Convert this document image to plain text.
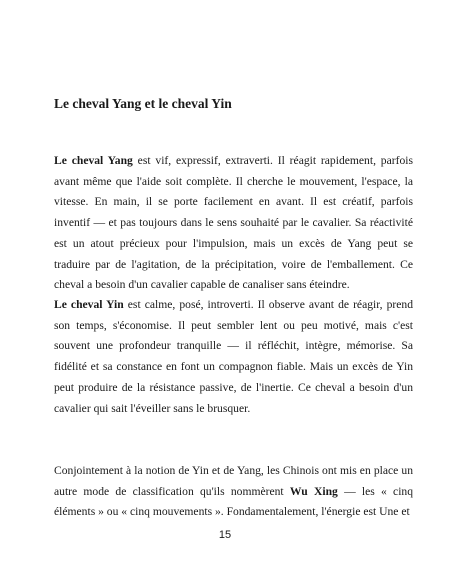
Le cheval Yang et le cheval Yin

Le cheval Yang est vif, expressif, extraverti. Il réagit rapidement, parfois avant même que l'aide soit complète. Il cherche le mouvement, l'espace, la vitesse. En main, il se porte facilement en avant. Il est créatif, parfois inventif — et pas toujours dans le sens souhaité par le cavalier. Sa réactivité est un atout précieux pour l'impulsion, mais un excès de Yang peut se traduire par de l'agitation, de la précipitation, voire de l'emballement. Ce cheval a besoin d'un cavalier capable de canaliser sans éteindre.

Le cheval Yin est calme, posé, introverti. Il observe avant de réagir, prend son temps, s'économise. Il peut sembler lent ou peu motivé, mais c'est souvent une profondeur tranquille — il réfléchit, intègre, mémorise. Sa fidélité et sa constance en font un compagnon fiable. Mais un excès de Yin peut produire de la résistance passive, de l'inertie. Ce cheval a besoin d'un cavalier qui sait l'éveiller sans le brusquer.

Conjointement à la notion de Yin et de Yang, les Chinois ont mis en place un autre mode de classification qu'ils nommèrent Wu Xing — les « cinq éléments » ou « cinq mouvements ». Fondamentalement, l'énergie est Une et

15
